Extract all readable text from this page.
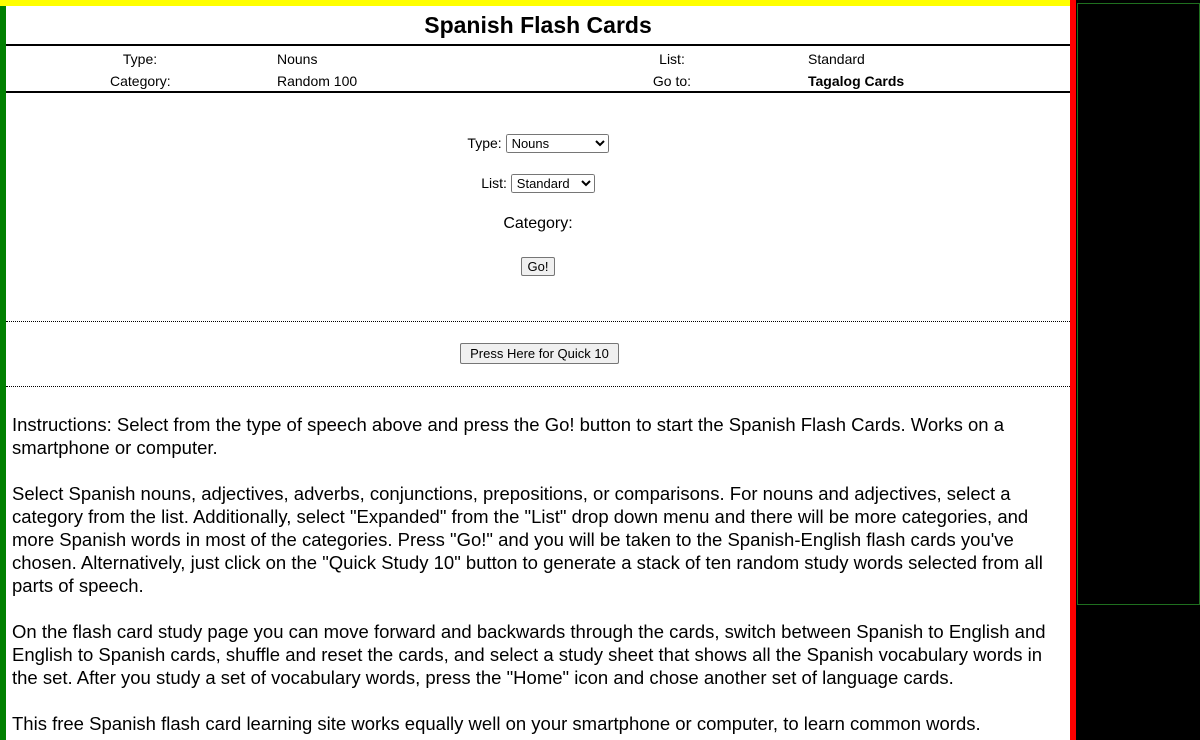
Spanish Flash Cards
Type:	Nouns	List:	Standard
Category:	Random 100	Go to:	Tagalog Cards
Type:
Nouns
List:
Standard
Category:
Go!
Press Here for Quick 10

Instructions: Select from the type of speech above and press the Go! button to start the Spanish Flash Cards. Works on a smartphone or computer.

Select Spanish nouns, adjectives, adverbs, conjunctions, prepositions, or comparisons. For nouns and adjectives, select a category from the list. Additionally, select "Expanded" from the "List" drop down menu and there will be more categories, and more Spanish words in most of the categories. Press "Go!" and you will be taken to the Spanish-English flash cards you've chosen. Alternatively, just click on the "Quick Study 10" button to generate a stack of ten random study words selected from all parts of speech.

On the flash card study page you can move forward and backwards through the cards, switch between Spanish to English and English to Spanish cards, shuffle and reset the cards, and select a study sheet that shows all the Spanish vocabulary words in the set. After you study a set of vocabulary words, press the "Home" icon and chose another set of language cards.

This free Spanish flash card learning site works equally well on your smartphone or computer, to learn common words.
